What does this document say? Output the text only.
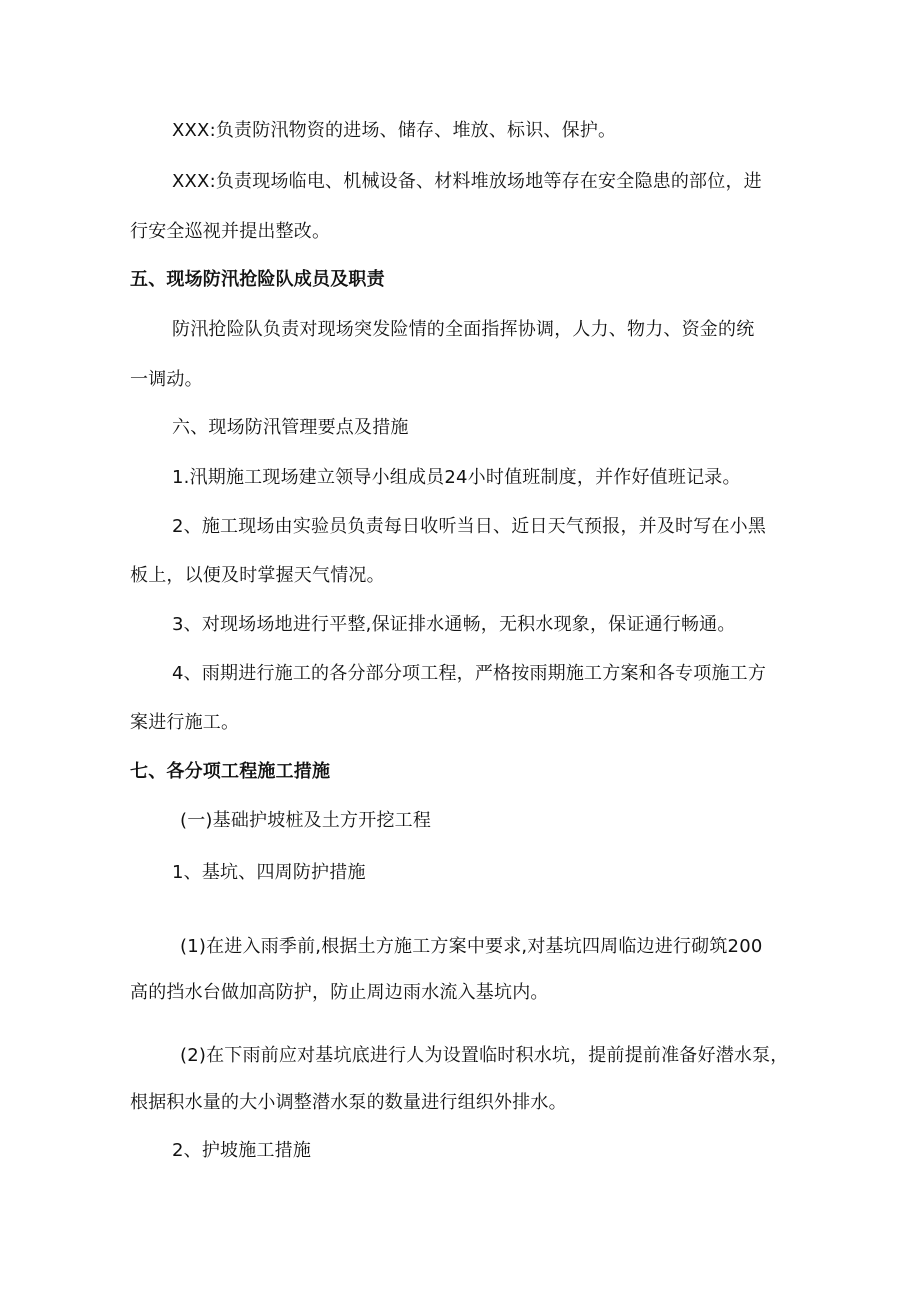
XXX:负责防汛物资的进场、储存、堆放、标识、保护。
XXX:负责现场临电、机械设备、材料堆放场地等存在安全隐患的部位，进
行安全巡视并提出整改。
五、现场防汛抢险队成员及职责
防汛抢险队负责对现场突发险情的全面指挥协调，人力、物力、资金的统
一调动。
六、现场防汛管理要点及措施
1.汛期施工现场建立领导小组成员24小时值班制度，并作好值班记录。
2、施工现场由实验员负责每日收听当日、近日天气预报，并及时写在小黑
板上，以便及时掌握天气情况。
3、对现场场地进行平整,保证排水通畅，无积水现象，保证通行畅通。
4、雨期进行施工的各分部分项工程，严格按雨期施工方案和各专项施工方
案进行施工。
七、各分项工程施工措施
(一)基础护坡桩及土方开挖工程
1、基坑、四周防护措施
(1)在进入雨季前,根据土方施工方案中要求,对基坑四周临边进行砌筑200
高的挡水台做加高防护，防止周边雨水流入基坑内。
(2)在下雨前应对基坑底进行人为设置临时积水坑，提前提前准备好潜水泵，
根据积水量的大小调整潜水泵的数量进行组织外排水。
2、护坡施工措施
